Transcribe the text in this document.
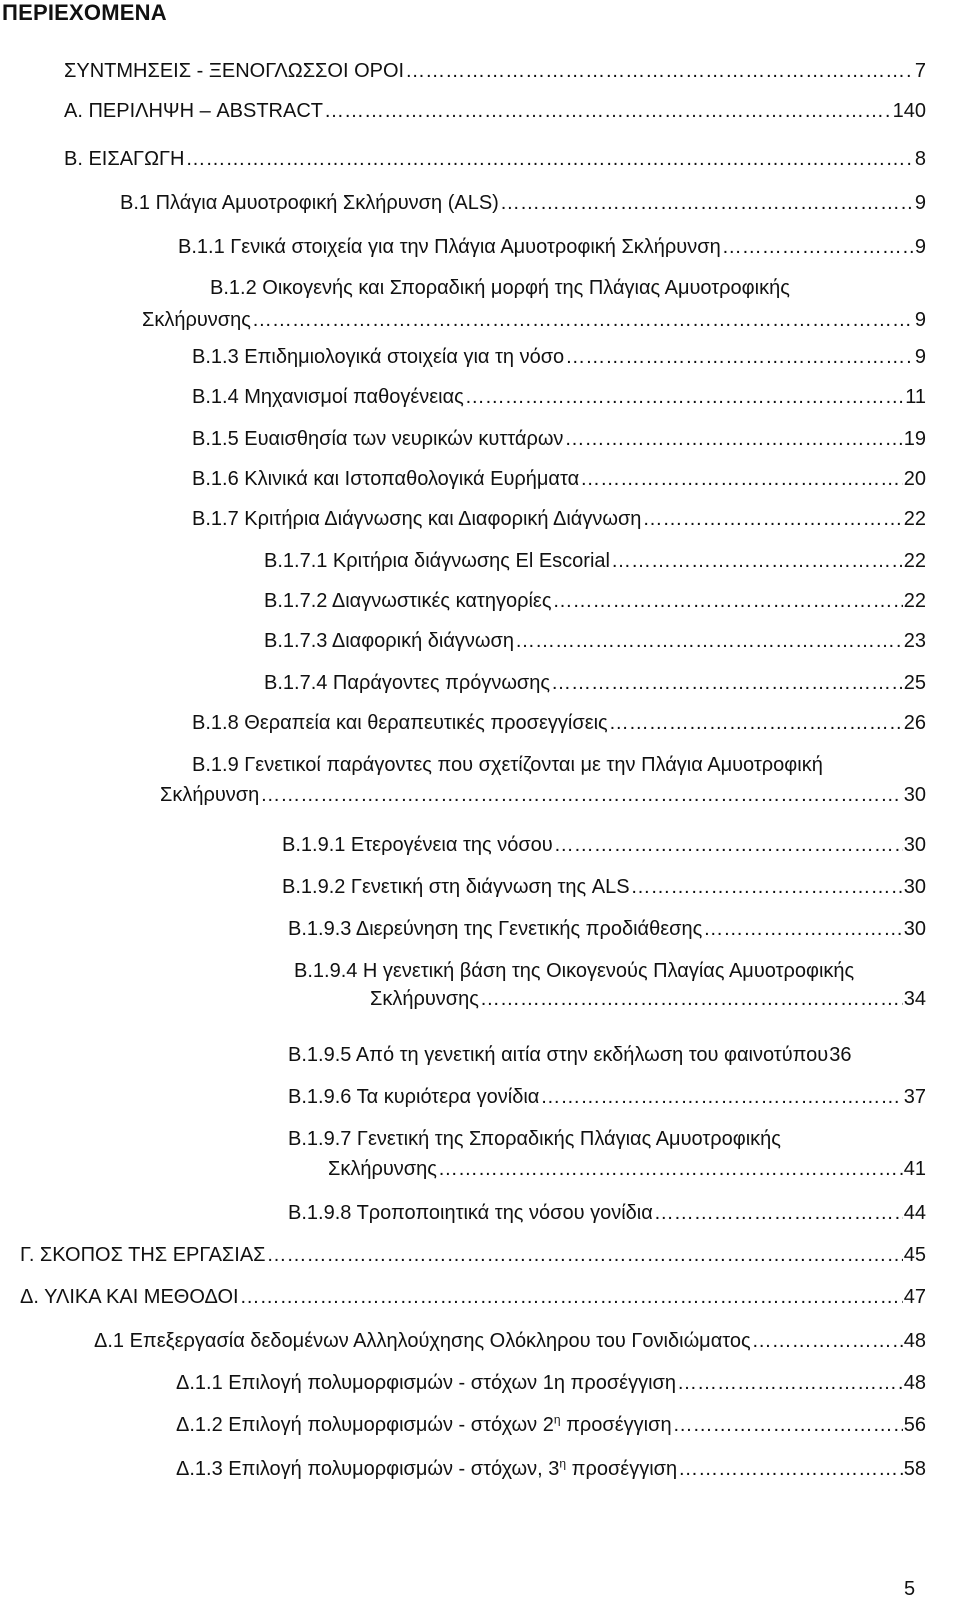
ΠΕΡΙΕΧΟΜΕΝΑ
ΣΥΝΤΜΗΣΕΙΣ - ΞΕΝΟΓΛΩΣΣΟΙ ΟΡΟΙ …………………………………………………………………………………………………………………………………………………………………………………………………………………………	7
Α. ΠΕΡΙΛΗΨΗ – ABSTRACT …………………………………………………………………………………………………………………………………………………………………………………………………………………………	140
Β. ΕΙΣΑΓΩΓΗ …………………………………………………………………………………………………………………………………………………………………………………………………………………………	8
Β.1 Πλάγια Αμυοτροφική Σκλήρυνση (ALS) …………………………………………………………………………………………………………………………………………………………………………………………………………………………	9
Β.1.1 Γενικά στοιχεία για την Πλάγια Αμυοτροφική Σκλήρυνση …………………………………………………………………………………………………………………………………………………………………………………………………………………………	9
Β.1.2 Οικογενής και Σποραδική μορφή της Πλάγιας Αμυοτροφικής
Σκλήρυνσης …………………………………………………………………………………………………………………………………………………………………………………………………………………………	9
Β.1.3 Επιδημιολογικά στοιχεία για τη νόσο …………………………………………………………………………………………………………………………………………………………………………………………………………………………	9
Β.1.4 Μηχανισμοί παθογένειας …………………………………………………………………………………………………………………………………………………………………………………………………………………………	11
Β.1.5 Ευαισθησία των νευρικών κυττάρων …………………………………………………………………………………………………………………………………………………………………………………………………………………………	19
Β.1.6 Κλινικά και Ιστοπαθολογικά Ευρήματα …………………………………………………………………………………………………………………………………………………………………………………………………………………………	20
Β.1.7 Κριτήρια Διάγνωσης και Διαφορική Διάγνωση …………………………………………………………………………………………………………………………………………………………………………………………………………………………	22
Β.1.7.1 Κριτήρια διάγνωσης El Escorial …………………………………………………………………………………………………………………………………………………………………………………………………………………………	22
Β.1.7.2 Διαγνωστικές κατηγορίες …………………………………………………………………………………………………………………………………………………………………………………………………………………………	22
Β.1.7.3 Διαφορική διάγνωση …………………………………………………………………………………………………………………………………………………………………………………………………………………………	23
Β.1.7.4 Παράγοντες πρόγνωσης …………………………………………………………………………………………………………………………………………………………………………………………………………………………	25
Β.1.8 Θεραπεία και θεραπευτικές προσεγγίσεις …………………………………………………………………………………………………………………………………………………………………………………………………………………………	26
Β.1.9 Γενετικοί παράγοντες που σχετίζονται με την Πλάγια Αμυοτροφική
Σκλήρυνση …………………………………………………………………………………………………………………………………………………………………………………………………………………………	30
Β.1.9.1 Ετερογένεια της νόσου …………………………………………………………………………………………………………………………………………………………………………………………………………………………	30
Β.1.9.2 Γενετική στη διάγνωση της ALS …………………………………………………………………………………………………………………………………………………………………………………………………………………………	30
Β.1.9.3 Διερεύνηση της Γενετικής προδιάθεσης …………………………………………………………………………………………………………………………………………………………………………………………………………………………	30
Β.1.9.4 Η γενετική βάση της Οικογενούς Πλαγίας Αμυοτροφικής
Σκλήρυνσης …………………………………………………………………………………………………………………………………………………………………………………………………………………………	34
Β.1.9.5 Από τη γενετική αιτία στην εκδήλωση του φαινοτύπου 36
Β.1.9.6 Τα κυριότερα γονίδια …………………………………………………………………………………………………………………………………………………………………………………………………………………………	37
Β.1.9.7 Γενετική της Σποραδικής Πλάγιας Αμυοτροφικής
Σκλήρυνσης …………………………………………………………………………………………………………………………………………………………………………………………………………………………	41
Β.1.9.8 Τροποποιητικά της νόσου γονίδια …………………………………………………………………………………………………………………………………………………………………………………………………………………………	44
Γ. ΣΚΟΠΟΣ ΤΗΣ ΕΡΓΑΣΙΑΣ …………………………………………………………………………………………………………………………………………………………………………………………………………………………	45
Δ. ΥΛΙΚΑ ΚΑΙ ΜΕΘΟΔΟΙ …………………………………………………………………………………………………………………………………………………………………………………………………………………………	47
Δ.1 Επεξεργασία δεδομένων Αλληλούχησης Ολόκληρου του Γονιδιώματος …………………………………………………………………………………………………………………………………………………………………………………………………………………………	48
Δ.1.1 Επιλογή πολυμορφισμών - στόχων 1η προσέγγιση …………………………………………………………………………………………………………………………………………………………………………………………………………………………	48
Δ.1.2 Επιλογή πολυμορφισμών - στόχων $2^\eta$ προσέγγιση …………………………………………………………………………………………………………………………………………………………………………………………………………………………	56
Δ.1.3 Επιλογή πολυμορφισμών - στόχων, $3^\eta$ προσέγγιση …………………………………………………………………………………………………………………………………………………………………………………………………………………………	58
5
